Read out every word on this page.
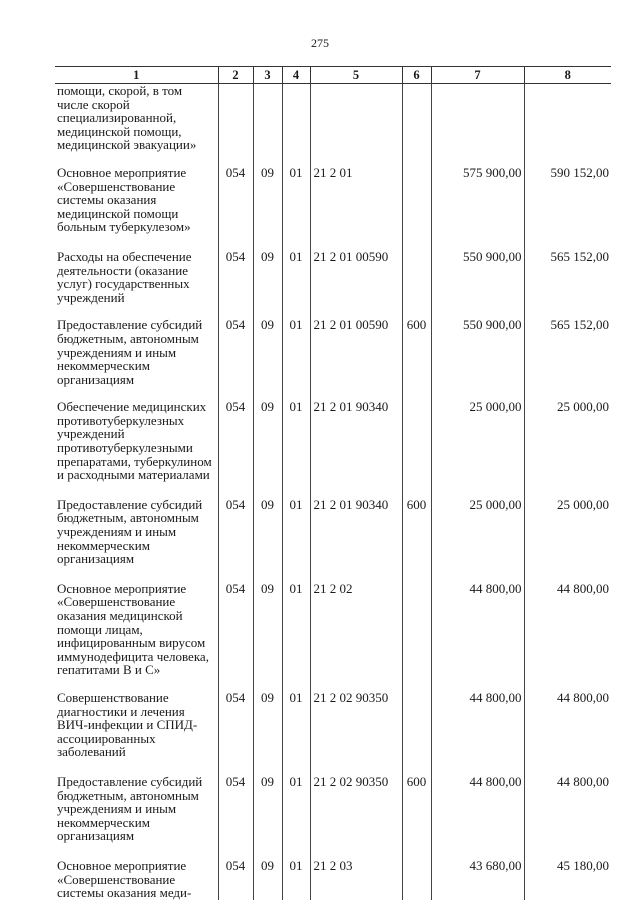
275
1	2	3	4	5	6	7	8
помощи, скорой, в том числе скорой специализированной, медицинской помощи, медицинской эвакуации»							
Основное мероприятие «Совершенствование системы оказания медицинской помощи больным туберкулезом»	054	09	01	21 2 01		575 900,00	590 152,00
Расходы на обеспечение деятельности (оказание услуг) государственных учреждений	054	09	01	21 2 01 00590		550 900,00	565 152,00
Предоставление субсидий бюджетным, автономным учреждениям и иным некоммерческим организациям	054	09	01	21 2 01 00590	600	550 900,00	565 152,00
Обеспечение медицинских противотуберкулезных учреждений противотуберкулезными препаратами, туберкулином и расходными материалами	054	09	01	21 2 01 90340		25 000,00	25 000,00
Предоставление субсидий бюджетным, автономным учреждениям и иным некоммерческим организациям	054	09	01	21 2 01 90340	600	25 000,00	25 000,00
Основное мероприятие «Совершенствование оказания медицинской помощи лицам, инфицированным вирусом иммунодефицита человека, гепатитами В и С»	054	09	01	21 2 02		44 800,00	44 800,00
Совершенствование диагностики и лечения ВИЧ-инфекции и СПИД-ассоциированных заболеваний	054	09	01	21 2 02 90350		44 800,00	44 800,00
Предоставление субсидий бюджетным, автономным учреждениям и иным некоммерческим организациям	054	09	01	21 2 02 90350	600	44 800,00	44 800,00
Основное мероприятие «Совершенствование системы оказания меди-	054	09	01	21 2 03		43 680,00	45 180,00
